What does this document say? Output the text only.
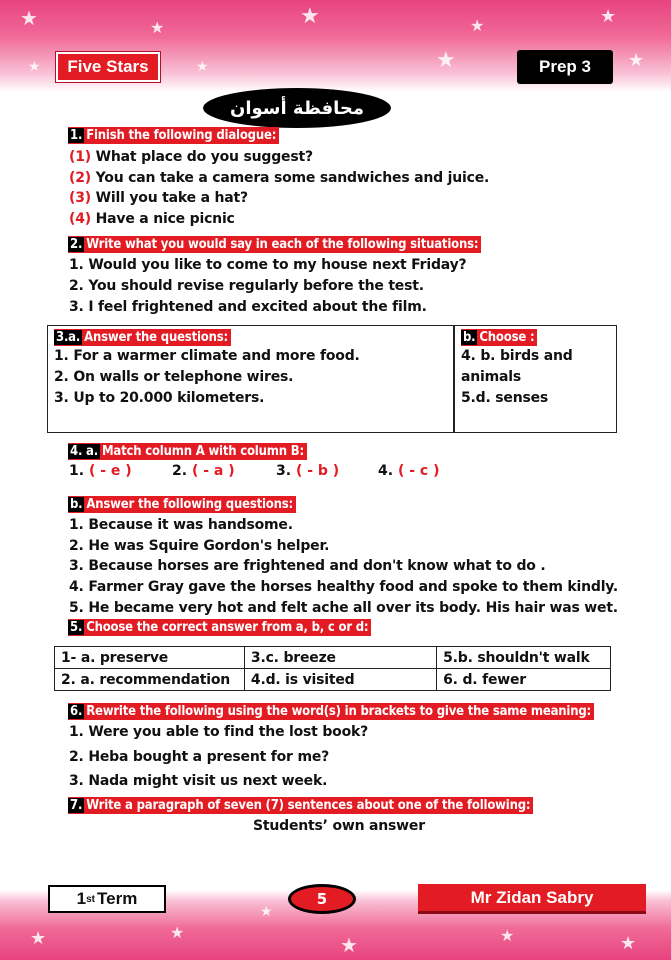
★	★	★	★	★
★	★
★	★
★	★
★	★	★
★
Five Stars	Prep 3
محافظة أسوان
1. Finish the following dialogue:
(1) What place do you suggest?
(2) You can take a camera some sandwiches and juice.
(3) Will you take a hat?
(4) Have a nice picnic
2. Write what you would say in each of the following situations:
1. Would you like to come to my house next Friday?
2. You should revise regularly before the test.
3. I feel frightened and excited about the film.
3.a. Answer the questions:
1. For a warmer climate and more food.
2. On walls or telephone wires.
3. Up to 20.000 kilometers.
b. Choose :
4. b. birds and
animals
5.d. senses
4. a. Match column A with column B:
1. ( - e )	2. ( - a )	3. ( - b )	4. ( - c )
b. Answer the following questions:
1. Because it was handsome.
2. He was Squire Gordon's helper.
3. Because horses are frightened and don't know what to do .
4. Farmer Gray gave the horses healthy food and spoke to them kindly.
5. He became very hot and felt ache all over its body. His hair was wet.
5. Choose the correct answer from a, b, c or d:
1- a. preserve	3.c. breeze	5.b. shouldn't walk
2. a. recommendation	4.d. is visited	6. d. fewer
6. Rewrite the following using the word(s) in brackets to give the same meaning:
1. Were you able to find the lost book?
2. Heba bought a present for me?
3. Nada might visit us next week.
7. Write a paragraph of seven (7) sentences about one of the following:
Students’ own answer
1 st Term	5	Mr Zidan Sabry
